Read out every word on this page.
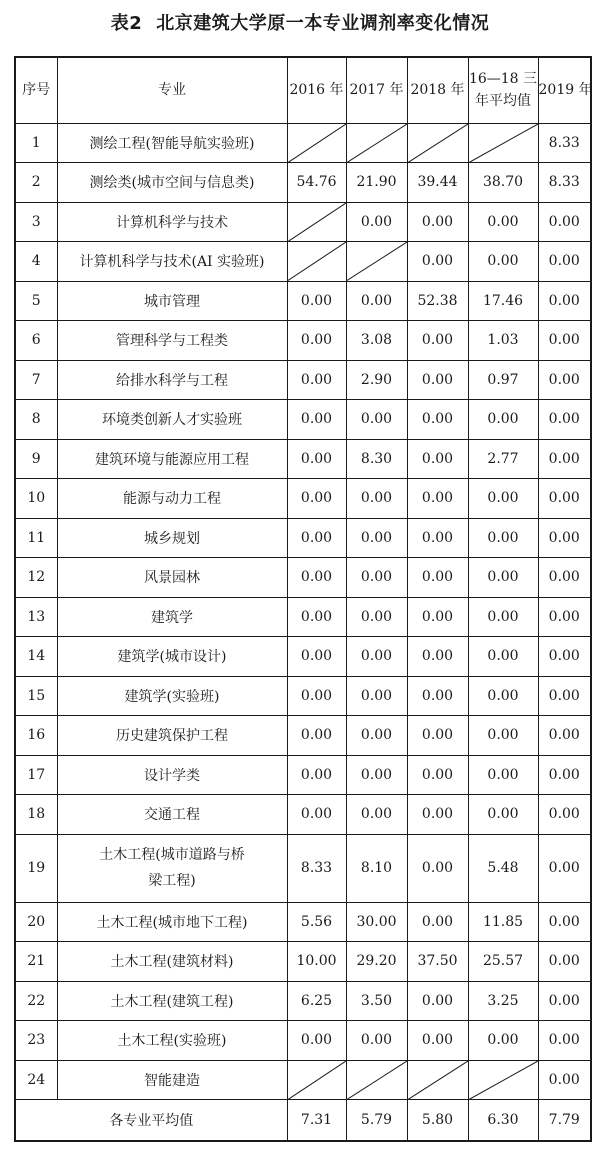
表2 北京建筑大学原一本专业调剂率变化情况
序号	专业	2016 年	2017 年	2018 年	16—18 三年平均值	2019 年
1	测绘工程(智能导航实验班)					8.33
2	测绘类(城市空间与信息类)	54.76	21.90	39.44	38.70	8.33
3	计算机科学与技术		0.00	0.00	0.00	0.00
4	计算机科学与技术(AI 实验班)			0.00	0.00	0.00
5	城市管理	0.00	0.00	52.38	17.46	0.00
6	管理科学与工程类	0.00	3.08	0.00	1.03	0.00
7	给排水科学与工程	0.00	2.90	0.00	0.97	0.00
8	环境类创新人才实验班	0.00	0.00	0.00	0.00	0.00
9	建筑环境与能源应用工程	0.00	8.30	0.00	2.77	0.00
10	能源与动力工程	0.00	0.00	0.00	0.00	0.00
11	城乡规划	0.00	0.00	0.00	0.00	0.00
12	风景园林	0.00	0.00	0.00	0.00	0.00
13	建筑学	0.00	0.00	0.00	0.00	0.00
14	建筑学(城市设计)	0.00	0.00	0.00	0.00	0.00
15	建筑学(实验班)	0.00	0.00	0.00	0.00	0.00
16	历史建筑保护工程	0.00	0.00	0.00	0.00	0.00
17	设计学类	0.00	0.00	0.00	0.00	0.00
18	交通工程	0.00	0.00	0.00	0.00	0.00
19	土木工程(城市道路与桥梁工程)	8.33	8.10	0.00	5.48	0.00
20	土木工程(城市地下工程)	5.56	30.00	0.00	11.85	0.00
21	土木工程(建筑材料)	10.00	29.20	37.50	25.57	0.00
22	土木工程(建筑工程)	6.25	3.50	0.00	3.25	0.00
23	土木工程(实验班)	0.00	0.00	0.00	0.00	0.00
24	智能建造					0.00
各专业平均值		7.31	5.79	5.80	6.30	7.79
